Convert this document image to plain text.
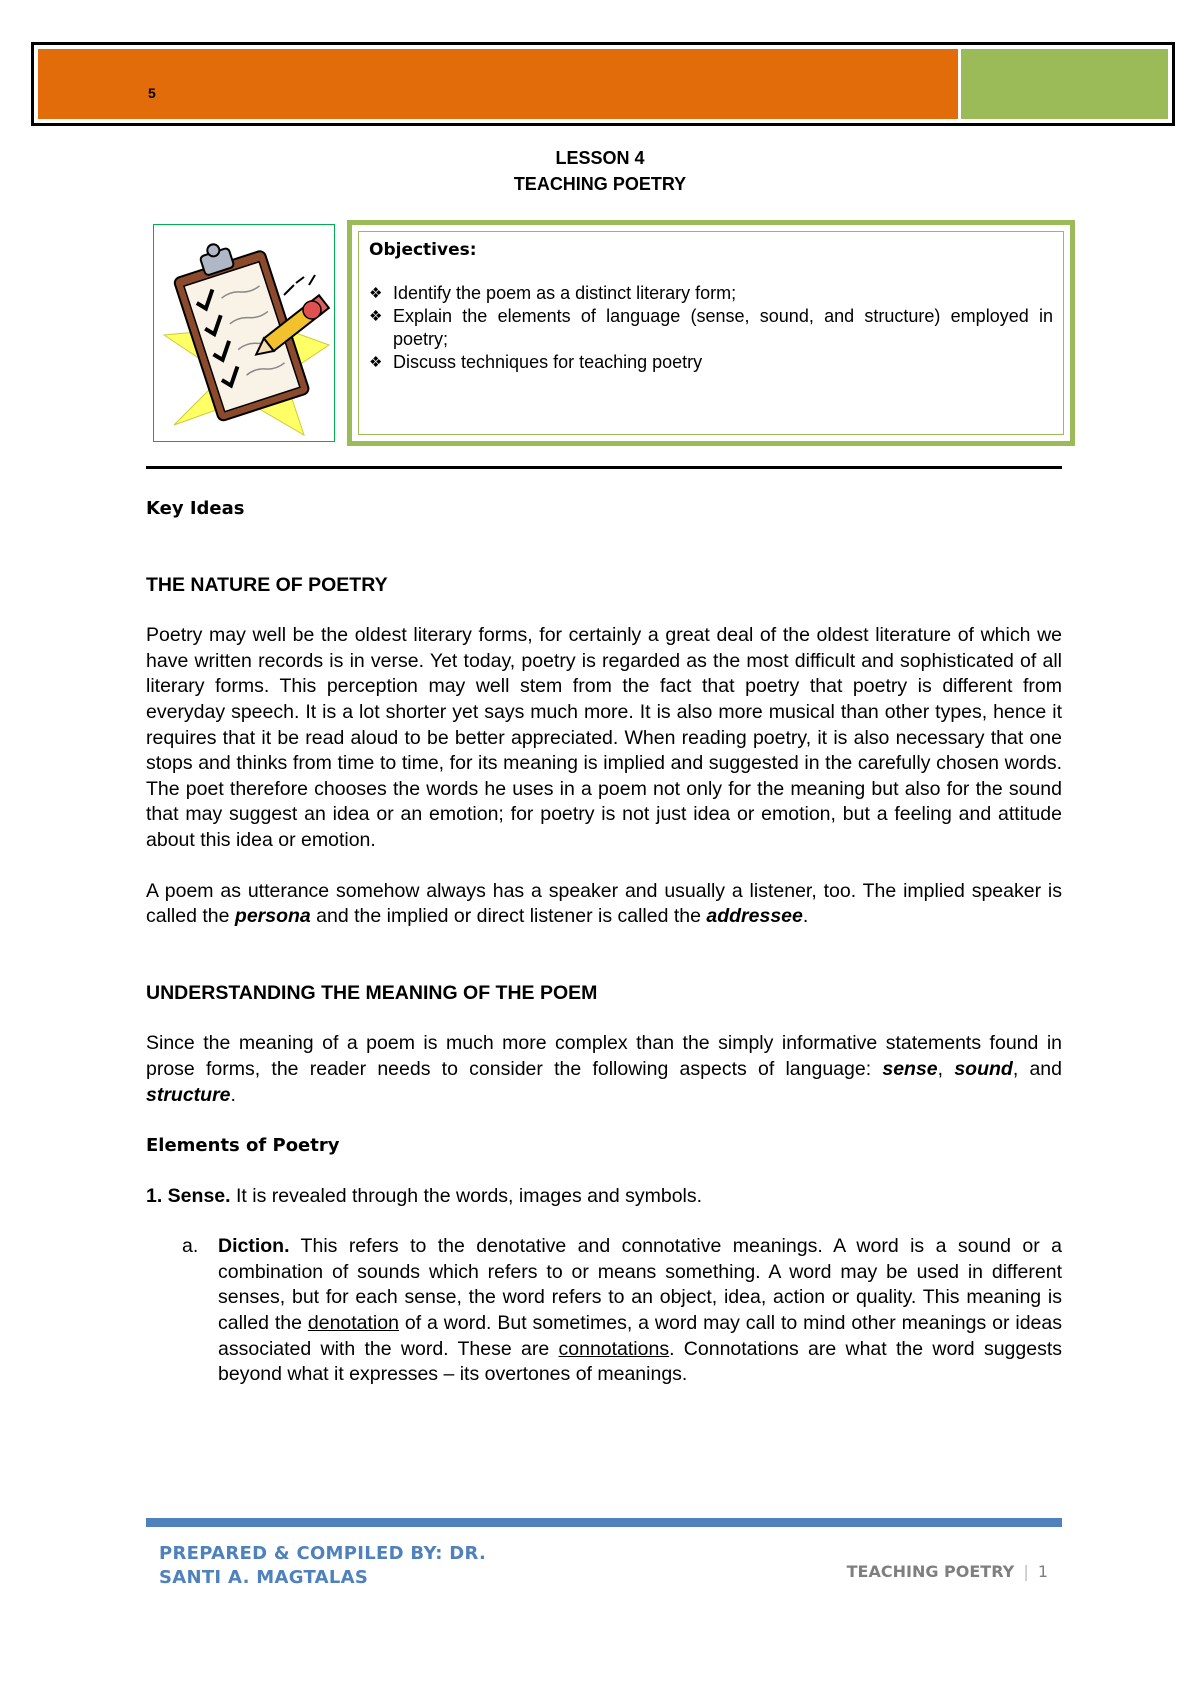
5
LESSON 4
TEACHING POETRY

Objectives:

❖ Identify the poem as a distinct literary form;
❖ Explain the elements of language (sense, sound, and structure) employed in poetry;
❖ Discuss techniques for teaching poetry

Key Ideas

THE NATURE OF POETRY

Poetry may well be the oldest literary forms, for certainly a great deal of the oldest literature of which we have written records is in verse. Yet today, poetry is regarded as the most difficult and sophisticated of all literary forms. This perception may well stem from the fact that poetry that poetry is different from everyday speech. It is a lot shorter yet says much more. It is also more musical than other types, hence it requires that it be read aloud to be better appreciated. When reading poetry, it is also necessary that one stops and thinks from time to time, for its meaning is implied and suggested in the carefully chosen words. The poet therefore chooses the words he uses in a poem not only for the meaning but also for the sound that may suggest an idea or an emotion; for poetry is not just idea or emotion, but a feeling and attitude about this idea or emotion.

A poem as utterance somehow always has a speaker and usually a listener, too. The implied speaker is called the persona and the implied or direct listener is called the addressee.

UNDERSTANDING THE MEANING OF THE POEM

Since the meaning of a poem is much more complex than the simply informative statements found in prose forms, the reader needs to consider the following aspects of language: sense, sound, and structure.

Elements of Poetry

1. Sense. It is revealed through the words, images and symbols.

a. Diction. This refers to the denotative and connotative meanings. A word is a sound or a combination of sounds which refers to or means something. A word may be used in different senses, but for each sense, the word refers to an object, idea, action or quality. This meaning is called the denotation of a word. But sometimes, a word may call to mind other meanings or ideas associated with the word. These are connotations. Connotations are what the word suggests beyond what it expresses – its overtones of meanings.

PREPARED & COMPILED BY: DR.
SANTI A. MAGTALAS	TEACHING POETRY | 1
